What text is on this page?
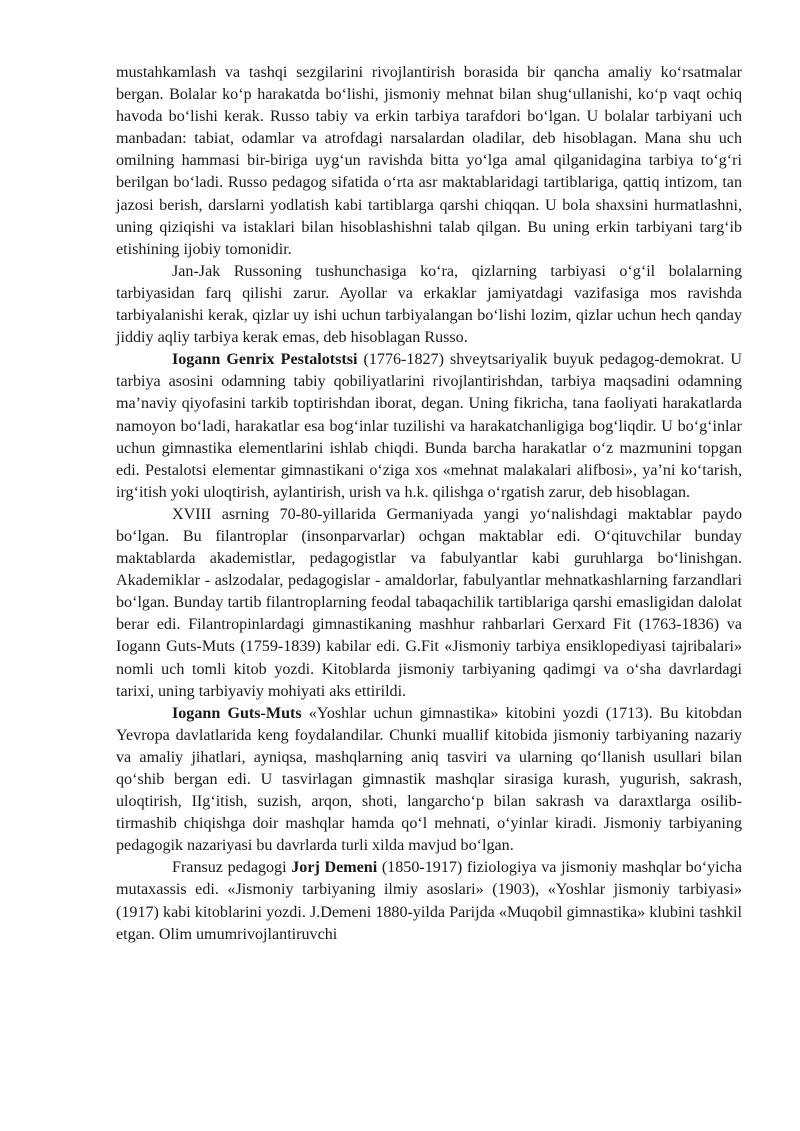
mustahkamlash va tashqi sezgilarini rivojlantirish borasida bir qancha amaliy koʻrsatmalar bergan. Bolalar koʻp harakatda boʻlishi, jismoniy mehnat bilan shugʻullanishi, koʻp vaqt ochiq havoda boʻlishi kerak. Russo tabiy va erkin tarbiya tarafdori boʻlgan. U bolalar tarbiyani uch manbadan: tabiat, odamlar va atrofdagi narsalardan oladilar, deb hisoblagan. Mana shu uch omilning hammasi bir-biriga uygʻun ravishda bitta yoʻlga amal qilganidagina tarbiya toʻgʻri berilgan boʻladi. Russo pedagog sifatida oʻrta asr maktablaridagi tartiblariga, qattiq intizom, tan jazosi berish, darslarni yodlatish kabi tartiblarga qarshi chiqqan. U bola shaxsini hurmatlashni, uning qiziqishi va istaklari bilan hisoblashishni talab qilgan. Bu uning erkin tarbiyani targʻib etishining ijobiy tomonidir.

Jan-Jak Russoning tushunchasiga koʻra, qizlarning tarbiyasi oʻgʻil bolalarning tarbiyasidan farq qilishi zarur. Ayollar va erkaklar jamiyatdagi vazifasiga mos ravishda tarbiyalanishi kerak, qizlar uy ishi uchun tarbiyalangan boʻlishi lozim, qizlar uchun hech qanday jiddiy aqliy tarbiya kerak emas, deb hisoblagan Russo.

Iogann Genrix Pestalotstsi (1776-1827) shveytsariyalik buyuk pedagog-demokrat. U tarbiya asosini odamning tabiy qobiliyatlarini rivojlantirishdan, tarbiya maqsadini odamning maʼnaviy qiyofasini tarkib toptirishdan iborat, degan. Uning fikricha, tana faoliyati harakatlarda namoyon boʻladi, harakatlar esa bogʻinlar tuzilishi va harakatchanligiga bogʻliqdir. U boʻgʻinlar uchun gimnastika elementlarini ishlab chiqdi. Bunda barcha harakatlar oʻz mazmunini topgan edi. Pestalotsi elementar gimnastikani oʻziga xos «mehnat malakalari alifbosi», yaʼni koʻtarish, irgʻitish yoki uloqtirish, aylantirish, urish va h.k. qilishga oʻrgatish zarur, deb hisoblagan.

XVIII asrning 70-80-yillarida Germaniyada yangi yoʻnalishdagi maktablar paydo boʻlgan. Bu filantroplar (insonparvarlar) ochgan maktablar edi. Oʻqituvchilar bunday maktablarda akademistlar, pedagogistlar va fabulyantlar kabi guruhlarga boʻlinishgan. Akademiklar - aslzodalar, pedagogislar - amaldorlar, fabulyantlar mehnatkashlarning farzandlari boʻlgan. Bunday tartib filantroplarning feodal tabaqachilik tartiblariga qarshi emasligidan dalolat berar edi. Filantropinlardagi gimnastikaning mashhur rahbarlari Gerxard Fit (1763-1836) va Iogann Guts-Muts (1759-1839) kabilar edi. G.Fit «Jismoniy tarbiya ensiklopediyasi tajribalari» nomli uch tomli kitob yozdi. Kitoblarda jismoniy tarbiyaning qadimgi va oʻsha davrlardagi tarixi, uning tarbiyaviy mohiyati aks ettirildi.

Iogann Guts-Muts «Yoshlar uchun gimnastika» kitobini yozdi (1713). Bu kitobdan Yevropa davlatlarida keng foydalandilar. Chunki muallif kitobida jismoniy tarbiyaning nazariy va amaliy jihatlari, ayniqsa, mashqlarning aniq tasviri va ularning qoʻllanish usullari bilan qoʻshib bergan edi. U tasvirlagan gimnastik mashqlar sirasiga kurash, yugurish, sakrash, uloqtirish, IIgʻitish, suzish, arqon, shoti, langarchoʻp bilan sakrash va daraxtlarga osilib-tirmashib chiqishga doir mashqlar hamda qoʻl mehnati, oʻyinlar kiradi. Jismoniy tarbiyaning pedagogik nazariyasi bu davrlarda turli xilda mavjud boʻlgan.

Fransuz pedagogi Jorj Demeni (1850-1917) fiziologiya va jismoniy mashqlar boʻyicha mutaxassis edi. «Jismoniy tarbiyaning ilmiy asoslari» (1903), «Yoshlar jismoniy tarbiyasi» (1917) kabi kitoblarini yozdi. J.Demeni 1880-yilda Parijda «Muqobil gimnastika» klubini tashkil etgan. Olim umumrivojlantiruvchi
